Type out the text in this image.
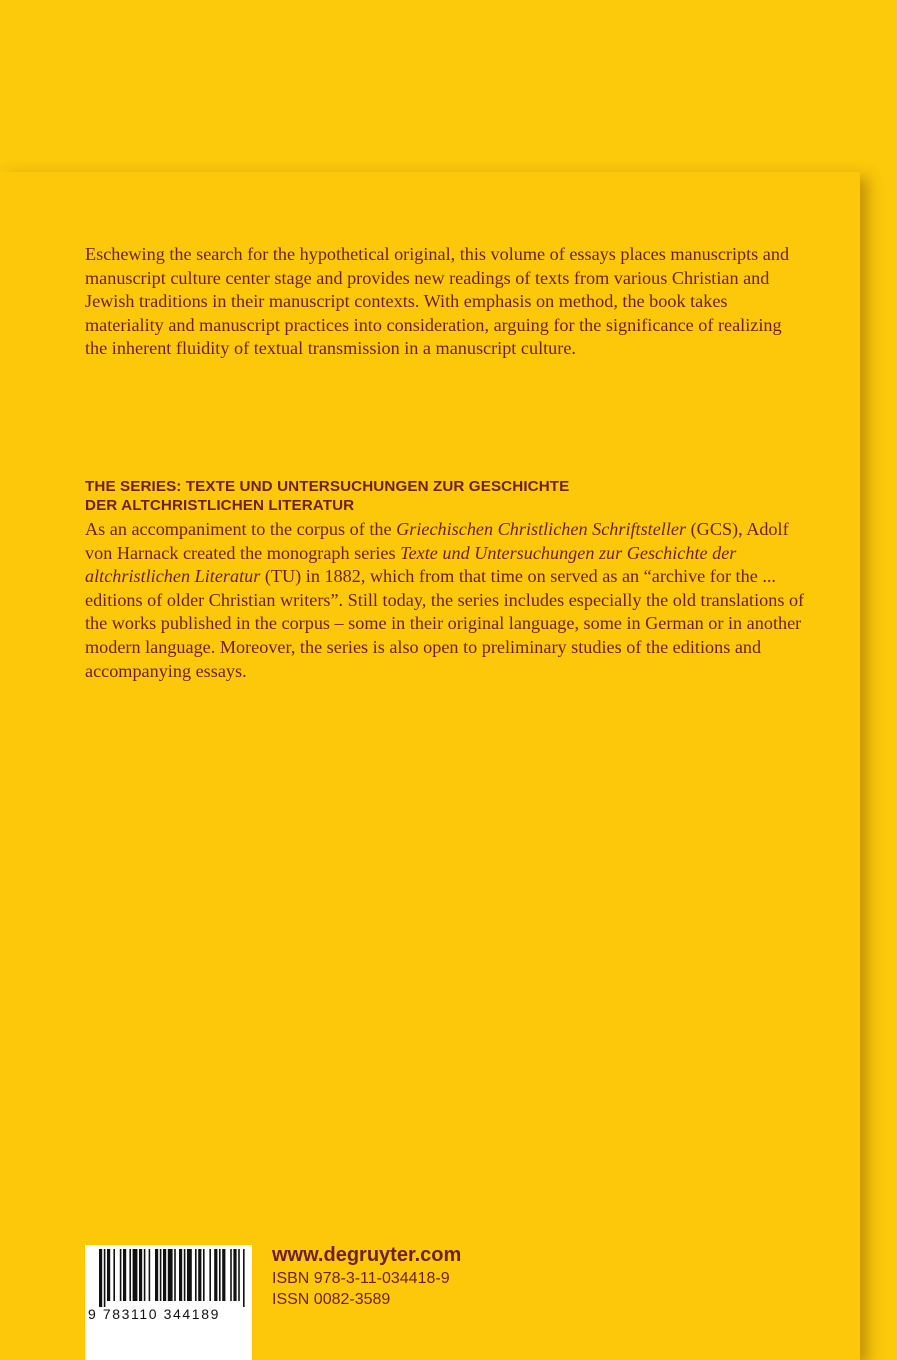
Eschewing the search for the hypothetical original, this volume of essays places manuscripts and manuscript culture center stage and provides new readings of texts from various Christian and Jewish traditions in their manuscript contexts. With emphasis on method, the book takes materiality and manuscript practices into consideration, arguing for the significance of realizing the inherent fluidity of textual transmission in a manuscript culture.

THE SERIES: TEXTE UND UNTERSUCHUNGEN ZUR GESCHICHTE
DER ALTCHRISTLICHEN LITERATUR

As an accompaniment to the corpus of the Griechischen Christlichen Schriftsteller (GCS), Adolf von Harnack created the monograph series Texte und Untersuchungen zur Geschichte der altchristlichen Literatur (TU) in 1882, which from that time on served as an “archive for the ... editions of older Christian writers”. Still today, the series includes especially the old translations of the works published in the corpus – some in their original language, some in German or in another modern language. Moreover, the series is also open to preliminary studies of the editions and accompanying essays.

9 783110 344189
www.degruyter.com
ISBN 978-3-11-034418-9
ISSN 0082-3589
